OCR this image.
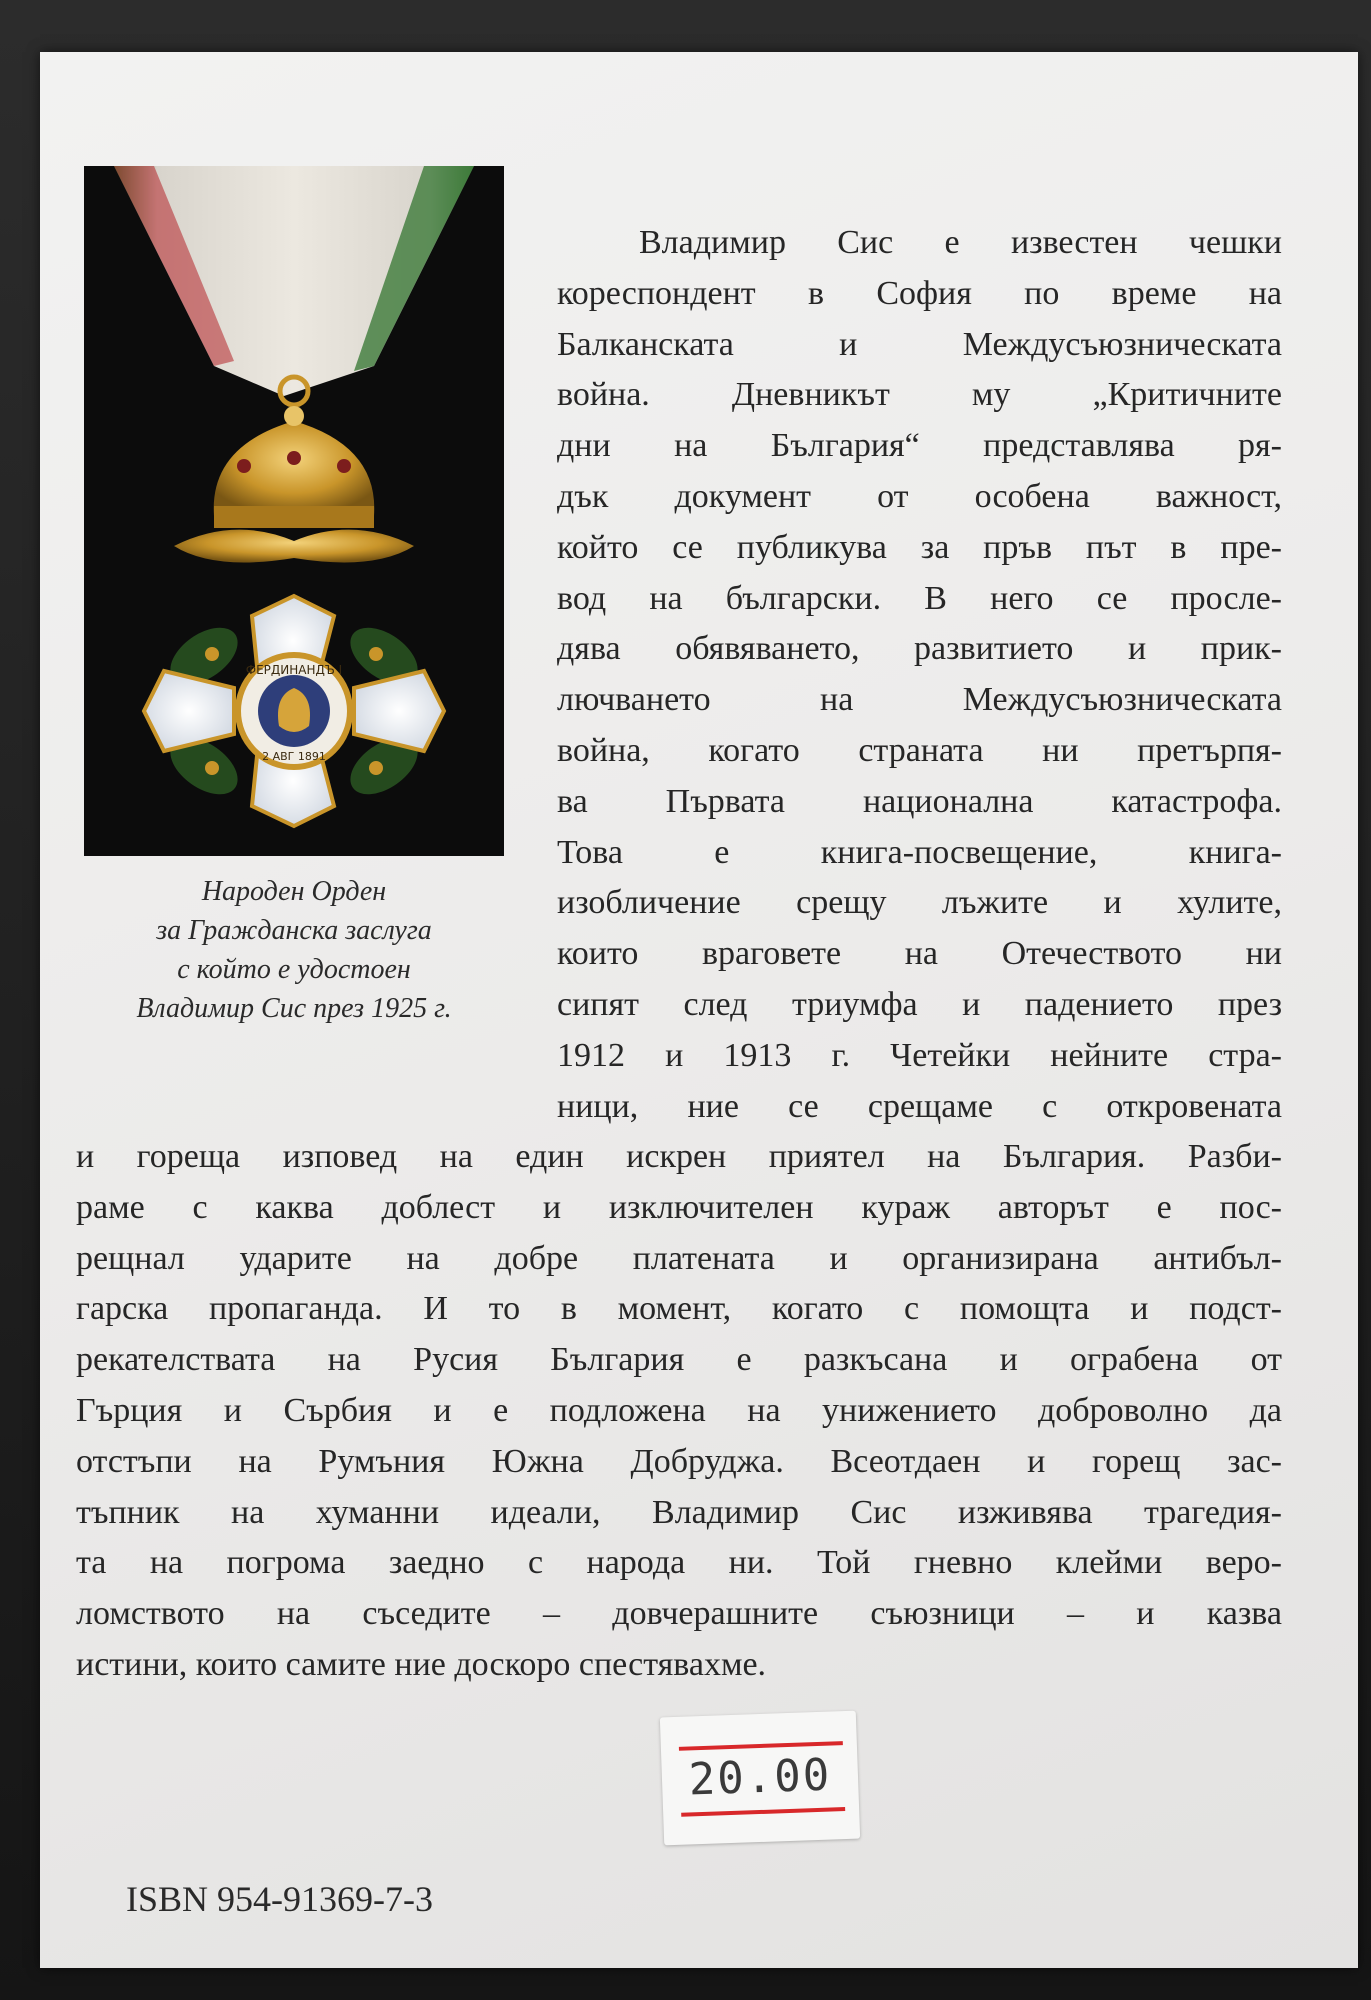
ФЕРДИНАНДЪ I
2 АВГ 1891
Народен Орден
за Гражданска заслуга
с който е удостоен
Владимир Сис през 1925 г.
Владимир Сис е известен чешки
кореспондент в София по време на
Балканската и Междусъюзническата
война. Дневникът му „Критичните
дни на България“ представлява ря-
дък документ от особена важност,
който се публикува за пръв път в пре-
вод на български. В него се просле-
дява обявяването, развитието и прик-
лючването на Междусъюзническата
война, когато страната ни претърпя-
ва Първата национална катастрофа.
Това е книга-посвещение, книга-
изобличение срещу лъжите и хулите,
които враговете на Отечеството ни
сипят след триумфа и падението през
1912 и 1913 г. Четейки нейните стра-
ници, ние се срещаме с откровената
и гореща изповед на един искрен приятел на България. Разби-
раме с каква доблест и изключителен кураж авторът е пос-
рещнал ударите на добре платената и организирана антибъл-
гарска пропаганда. И то в момент, когато с помощта и подст-
рекателствата на Русия България е разкъсана и ограбена от
Гърция и Сърбия и е подложена на унижението доброволно да
отстъпи на Румъния Южна Добруджа. Всеотдаен и горещ зас-
тъпник на хуманни идеали, Владимир Сис изживява трагедия-
та на погрома заедно с народа ни. Той гневно клейми веро-
ломството на съседите – довчерашните съюзници – и казва
истини, които самите ние доскоро спестявахме.
20.00
ISBN 954-91369-7-3
